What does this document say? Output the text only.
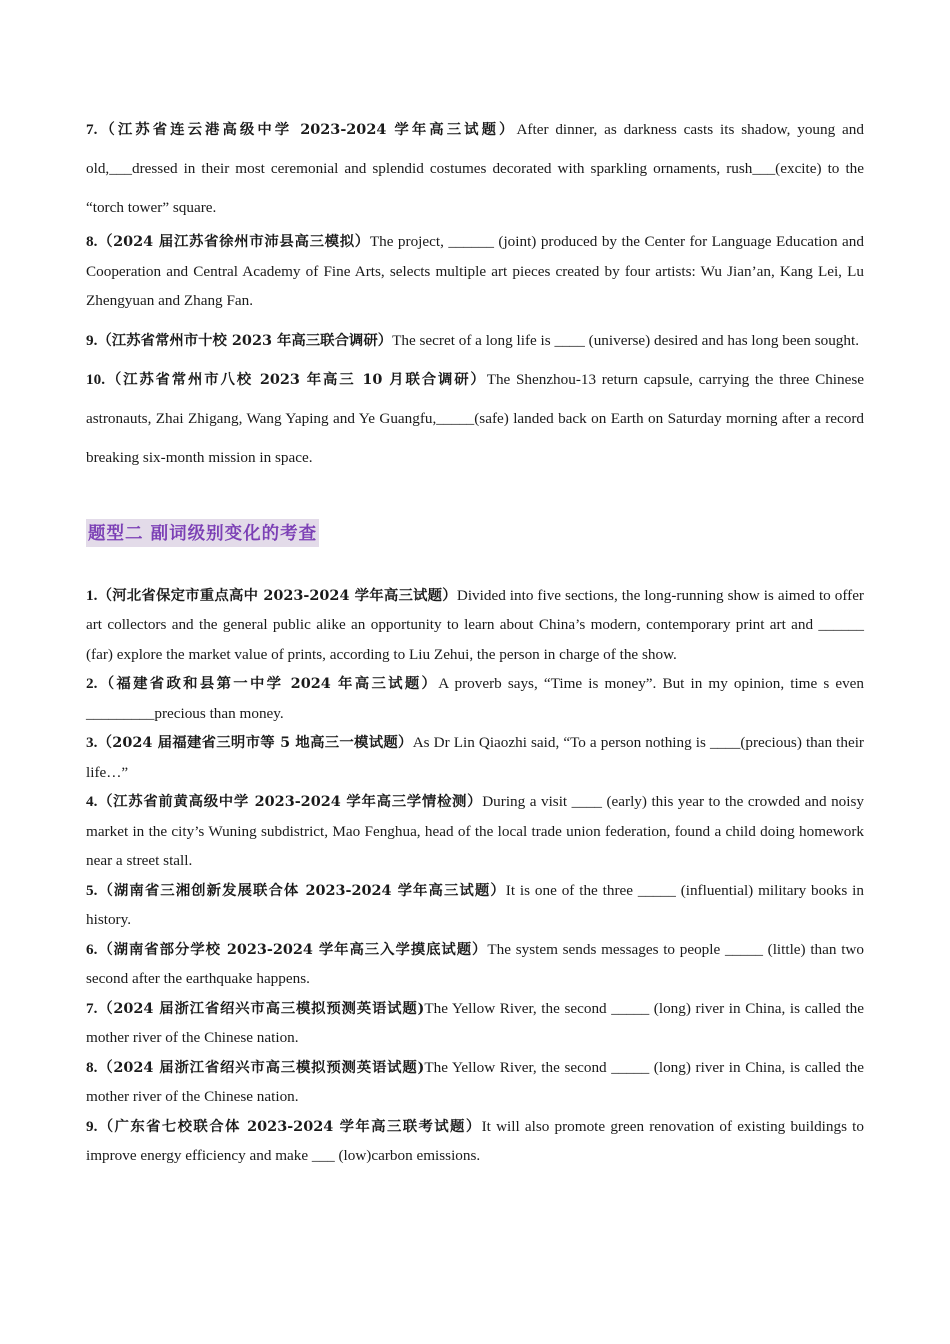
7.（江苏省连云港高级中学 2023-2024 学年高三试题）After dinner, as darkness casts its shadow, young and old,___dressed in their most ceremonial and splendid costumes decorated with sparkling ornaments, rush___(excite) to the “torch tower” square.

8.（2024 届江苏省徐州市沛县高三模拟）The project, ______ (joint) produced by the Center for Language Education and Cooperation and Central Academy of Fine Arts, selects multiple art pieces created by four artists: Wu Jian’an, Kang Lei, Lu Zhengyuan and Zhang Fan.

9.（江苏省常州市十校 2023 年高三联合调研）The secret of a long life is ____ (universe) desired and has long been sought.

10.（江苏省常州市八校 2023 年高三 10 月联合调研）The Shenzhou-13 return capsule, carrying the three Chinese astronauts, Zhai Zhigang, Wang Yaping and Ye Guangfu,_____(safe) landed back on Earth on Saturday morning after a record breaking six-month mission in space.

题型二 副词级别变化的考查

1.（河北省保定市重点高中 2023-2024 学年高三试题）Divided into five sections, the long-running show is aimed to offer art collectors and the general public alike an opportunity to learn about China’s modern, contemporary print art and ______ (far) explore the market value of prints, according to Liu Zehui, the person in charge of the show.

2.（福建省政和县第一中学 2024 年高三试题）A proverb says, “Time is money”. But in my opinion, time s even _________precious than money.

3.（2024 届福建省三明市等 5 地高三一模试题）As Dr Lin Qiaozhi said, “To a person nothing is ____(precious) than their life…”

4.（江苏省前黄高级中学 2023-2024 学年高三学情检测）During a visit ____ (early) this year to the crowded and noisy market in the city’s Wuning subdistrict, Mao Fenghua, head of the local trade union federation, found a child doing homework near a street stall.

5.（湖南省三湘创新发展联合体 2023-2024 学年高三试题）It is one of the three _____ (influential) military books in history.

6.（湖南省部分学校 2023-2024 学年高三入学摸底试题）The system sends messages to people _____ (little) than two second after the earthquake happens.

7.（2024 届浙江省绍兴市高三模拟预测英语试题)The Yellow River, the second _____ (long) river in China, is called the mother river of the Chinese nation.

8.（2024 届浙江省绍兴市高三模拟预测英语试题)The Yellow River, the second _____ (long) river in China, is called the mother river of the Chinese nation.

9.（广东省七校联合体 2023-2024 学年高三联考试题）It will also promote green renovation of existing buildings to improve energy efficiency and make ___ (low)carbon emissions.
